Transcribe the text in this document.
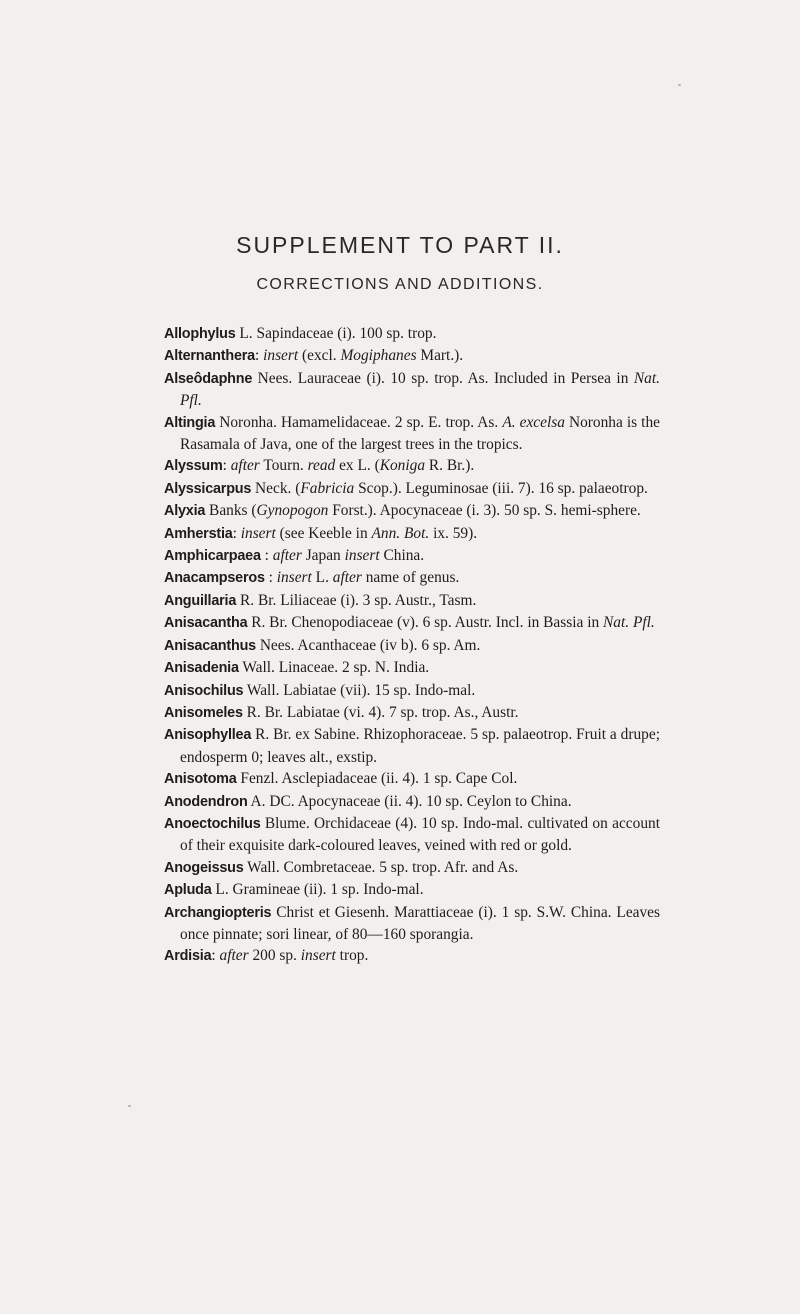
SUPPLEMENT TO PART II.
CORRECTIONS AND ADDITIONS.
Allophylus L. Sapindaceae (i). 100 sp. trop.
Alternanthera: insert (excl. Mogiphanes Mart.).
Alseôdaphne Nees. Lauraceae (i). 10 sp. trop. As. Included in Persea in Nat. Pfl.
Altingia Noronha. Hamamelidaceae. 2 sp. E. trop. As. A. excelsa Noronha is the Rasamala of Java, one of the largest trees in the tropics.
Alyssum: after Tourn. read ex L. (Koniga R. Br.).
Alyssicarpus Neck. (Fabricia Scop.). Leguminosae (iii. 7). 16 sp. palaeotrop.
Alyxia Banks (Gynopogon Forst.). Apocynaceae (i. 3). 50 sp. S. hemi-sphere.
Amherstia: insert (see Keeble in Ann. Bot. ix. 59).
Amphicarpaea : after Japan insert China.
Anacampseros : insert L. after name of genus.
Anguillaria R. Br. Liliaceae (i). 3 sp. Austr., Tasm.
Anisacantha R. Br. Chenopodiaceae (v). 6 sp. Austr. Incl. in Bassia in Nat. Pfl.
Anisacanthus Nees. Acanthaceae (iv b). 6 sp. Am.
Anisadenia Wall. Linaceae. 2 sp. N. India.
Anisochilus Wall. Labiatae (vii). 15 sp. Indo-mal.
Anisomeles R. Br. Labiatae (vi. 4). 7 sp. trop. As., Austr.
Anisophyllea R. Br. ex Sabine. Rhizophoraceae. 5 sp. palaeotrop. Fruit a drupe; endosperm 0; leaves alt., exstip.
Anisotoma Fenzl. Asclepiadaceae (ii. 4). 1 sp. Cape Col.
Anodendron A. DC. Apocynaceae (ii. 4). 10 sp. Ceylon to China.
Anoectochilus Blume. Orchidaceae (4). 10 sp. Indo-mal. cultivated on account of their exquisite dark-coloured leaves, veined with red or gold.
Anogeissus Wall. Combretaceae. 5 sp. trop. Afr. and As.
Apluda L. Gramineae (ii). 1 sp. Indo-mal.
Archangiopteris Christ et Giesenh. Marattiaceae (i). 1 sp. S.W. China. Leaves once pinnate; sori linear, of 80—160 sporangia.
Ardisia: after 200 sp. insert trop.
